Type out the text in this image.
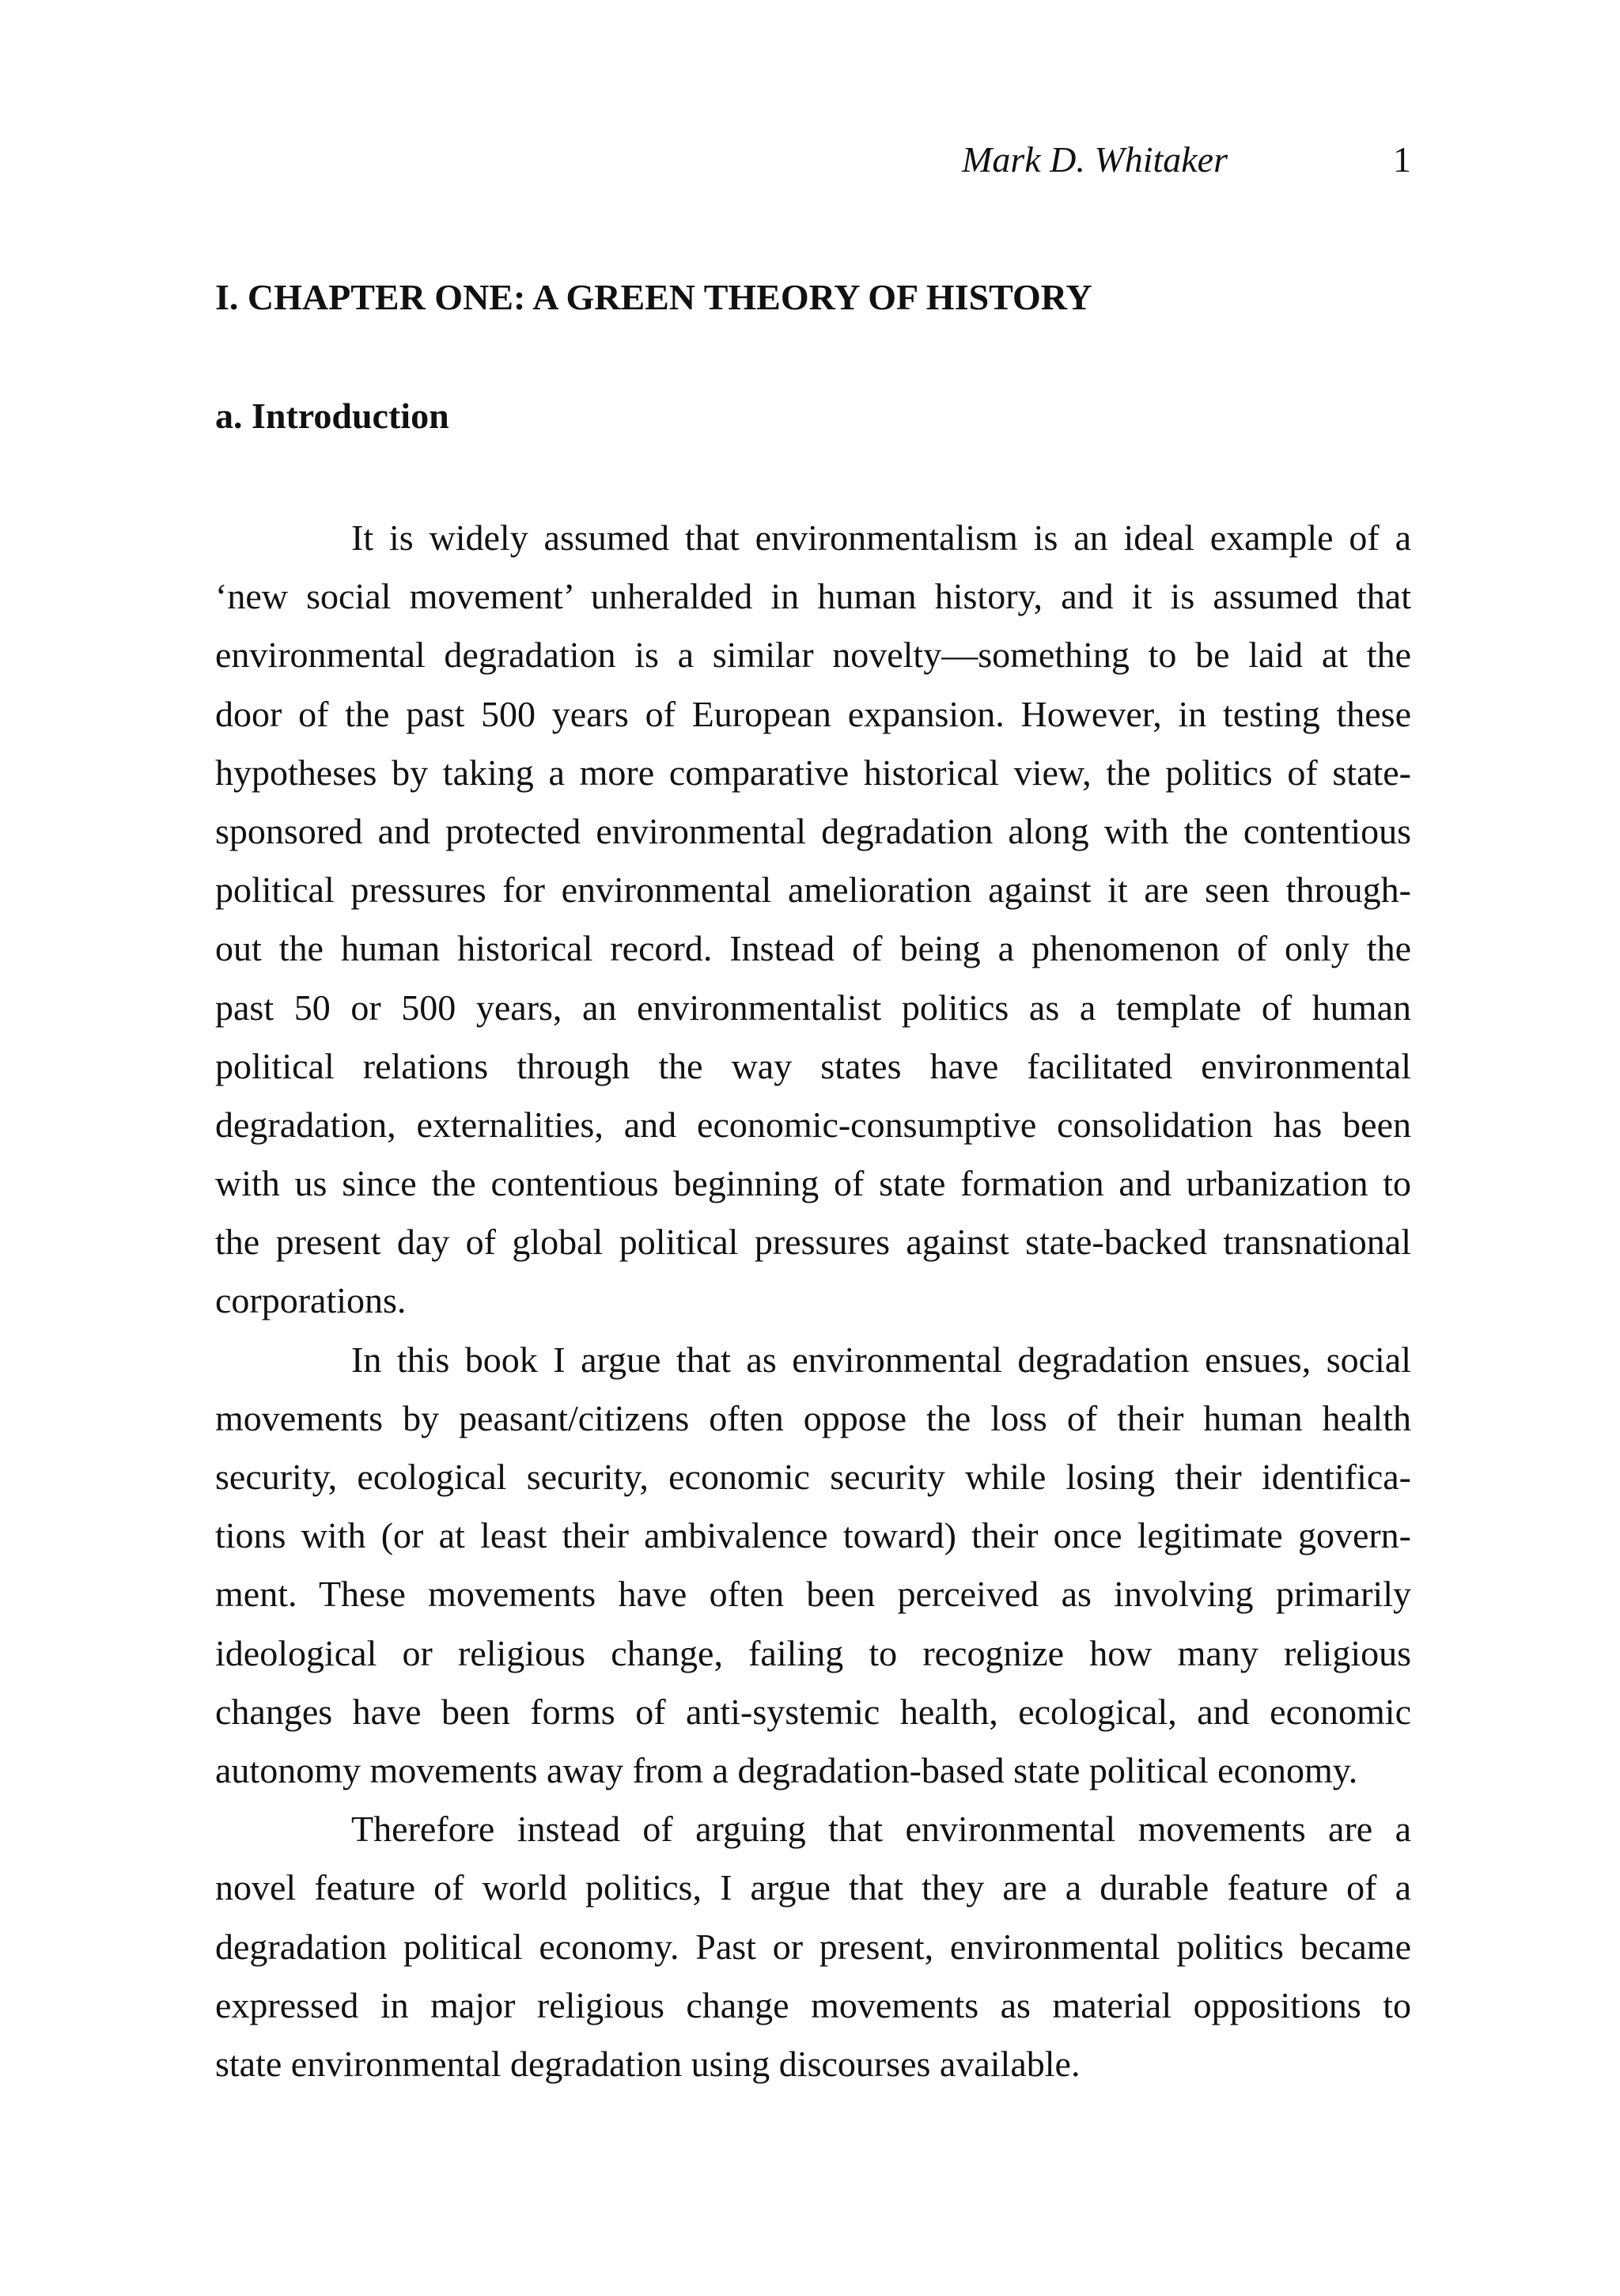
Mark D. Whitaker	1
I. CHAPTER ONE: A GREEN THEORY OF HISTORY
a. Introduction
It is widely assumed that environmentalism is an ideal example of a
‘new social movement’ unheralded in human history, and it is assumed that
environmental degradation is a similar novelty—something to be laid at the
door of the past 500 years of European expansion. However, in testing these
hypotheses by taking a more comparative historical view, the politics of state-
sponsored and protected environmental degradation along with the contentious
political pressures for environmental amelioration against it are seen through-
out the human historical record. Instead of being a phenomenon of only the
past 50 or 500 years, an environmentalist politics as a template of human
political relations through the way states have facilitated environmental
degradation, externalities, and economic-consumptive consolidation has been
with us since the contentious beginning of state formation and urbanization to
the present day of global political pressures against state-backed transnational
corporations.
In this book I argue that as environmental degradation ensues, social
movements by peasant/citizens often oppose the loss of their human health
security, ecological security, economic security while losing their identifica-
tions with (or at least their ambivalence toward) their once legitimate govern-
ment. These movements have often been perceived as involving primarily
ideological or religious change, failing to recognize how many religious
changes have been forms of anti-systemic health, ecological, and economic
autonomy movements away from a degradation-based state political economy.
Therefore instead of arguing that environmental movements are a
novel feature of world politics, I argue that they are a durable feature of a
degradation political economy. Past or present, environmental politics became
expressed in major religious change movements as material oppositions to
state environmental degradation using discourses available.
